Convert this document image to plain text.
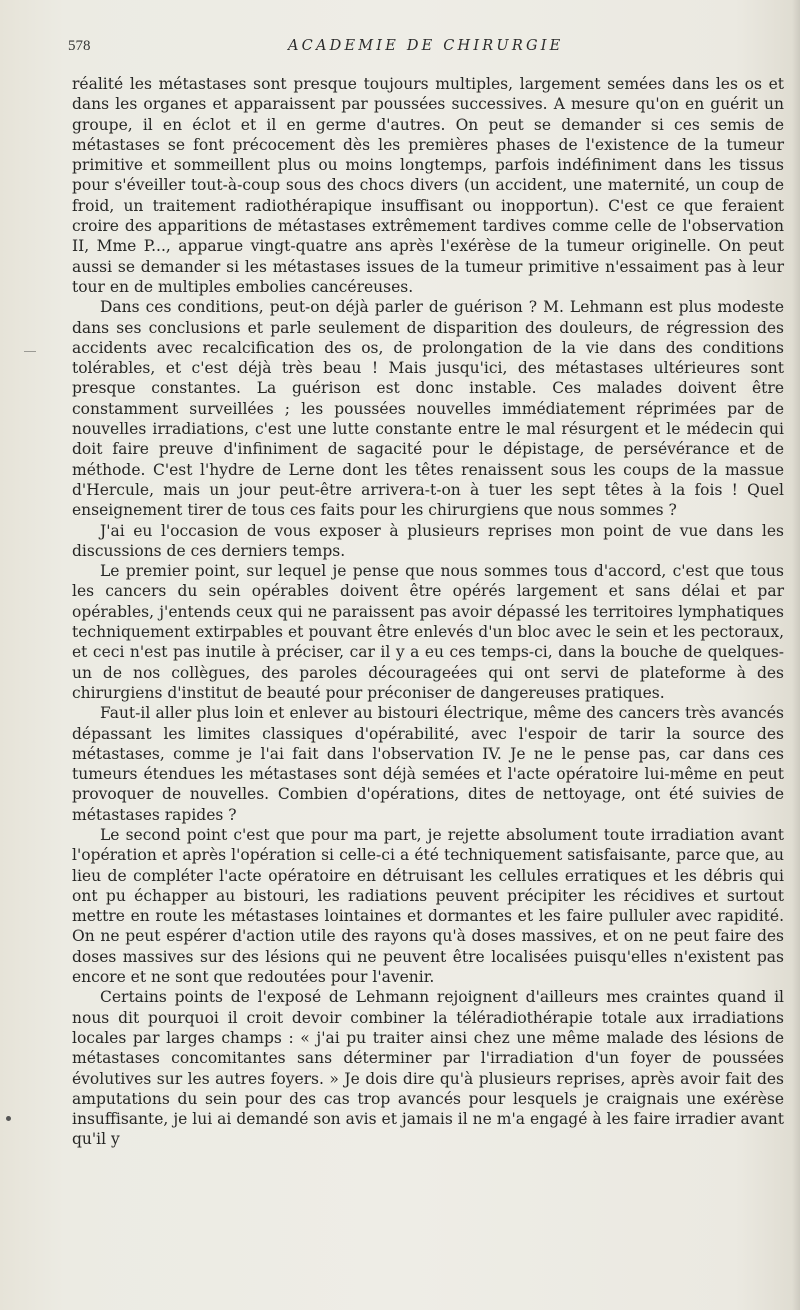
578	ACADEMIE DE CHIRURGIE

réalité les métastases sont presque toujours multiples, largement semées dans les os et dans les organes et apparaissent par poussées successives. A mesure qu'on en guérit un groupe, il en éclot et il en germe d'autres. On peut se demander si ces semis de métastases se font précocement dès les premières phases de l'existence de la tumeur primitive et sommeillent plus ou moins longtemps, parfois indéfiniment dans les tissus pour s'éveiller tout-à-coup sous des chocs divers (un accident, une maternité, un coup de froid, un traitement radiothérapique insuffisant ou inopportun). C'est ce que feraient croire des apparitions de métastases extrêmement tardives comme celle de l'observation II, Mme P..., apparue vingt-quatre ans après l'exérèse de la tumeur originelle. On peut aussi se demander si les métastases issues de la tumeur primitive n'essaiment pas à leur tour en de multiples embolies cancéreuses.

Dans ces conditions, peut-on déjà parler de guérison ? M. Lehmann est plus modeste dans ses conclusions et parle seulement de disparition des douleurs, de régression des accidents avec recalcification des os, de prolongation de la vie dans des conditions tolérables, et c'est déjà très beau ! Mais jusqu'ici, des métastases ultérieures sont presque constantes. La guérison est donc instable. Ces malades doivent être constamment surveillées ; les poussées nouvelles immédiatement réprimées par de nouvelles irradiations, c'est une lutte constante entre le mal résurgent et le médecin qui doit faire preuve d'infiniment de sagacité pour le dépistage, de persévérance et de méthode. C'est l'hydre de Lerne dont les têtes renaissent sous les coups de la massue d'Hercule, mais un jour peut-être arrivera-t-on à tuer les sept têtes à la fois ! Quel enseignement tirer de tous ces faits pour les chirurgiens que nous sommes ?

J'ai eu l'occasion de vous exposer à plusieurs reprises mon point de vue dans les discussions de ces derniers temps.

Le premier point, sur lequel je pense que nous sommes tous d'accord, c'est que tous les cancers du sein opérables doivent être opérés largement et sans délai et par opérables, j'entends ceux qui ne paraissent pas avoir dépassé les territoires lymphatiques techniquement extirpables et pouvant être enlevés d'un bloc avec le sein et les pectoraux, et ceci n'est pas inutile à préciser, car il y a eu ces temps-ci, dans la bouche de quelques-un de nos collègues, des paroles décourageées qui ont servi de plateforme à des chirurgiens d'institut de beauté pour préconiser de dangereuses pratiques.

Faut-il aller plus loin et enlever au bistouri électrique, même des cancers très avancés dépassant les limites classiques d'opérabilité, avec l'espoir de tarir la source des métastases, comme je l'ai fait dans l'observation IV. Je ne le pense pas, car dans ces tumeurs étendues les métastases sont déjà semées et l'acte opératoire lui-même en peut provoquer de nouvelles. Combien d'opérations, dites de nettoyage, ont été suivies de métastases rapides ?

Le second point c'est que pour ma part, je rejette absolument toute irradiation avant l'opération et après l'opération si celle-ci a été techniquement satisfaisante, parce que, au lieu de compléter l'acte opératoire en détruisant les cellules erratiques et les débris qui ont pu échapper au bistouri, les radiations peuvent précipiter les récidives et surtout mettre en route les métastases lointaines et dormantes et les faire pulluler avec rapidité. On ne peut espérer d'action utile des rayons qu'à doses massives, et on ne peut faire des doses massives sur des lésions qui ne peuvent être localisées puisqu'elles n'existent pas encore et ne sont que redoutées pour l'avenir.

Certains points de l'exposé de Lehmann rejoignent d'ailleurs mes craintes quand il nous dit pourquoi il croit devoir combiner la téléradiothérapie totale aux irradiations locales par larges champs : « j'ai pu traiter ainsi chez une même malade des lésions de métastases concomitantes sans déterminer par l'irradiation d'un foyer de poussées évolutives sur les autres foyers. » Je dois dire qu'à plusieurs reprises, après avoir fait des amputations du sein pour des cas trop avancés pour lesquels je craignais une exérèse insuffisante, je lui ai demandé son avis et jamais il ne m'a engagé à les faire irradier avant qu'il y
